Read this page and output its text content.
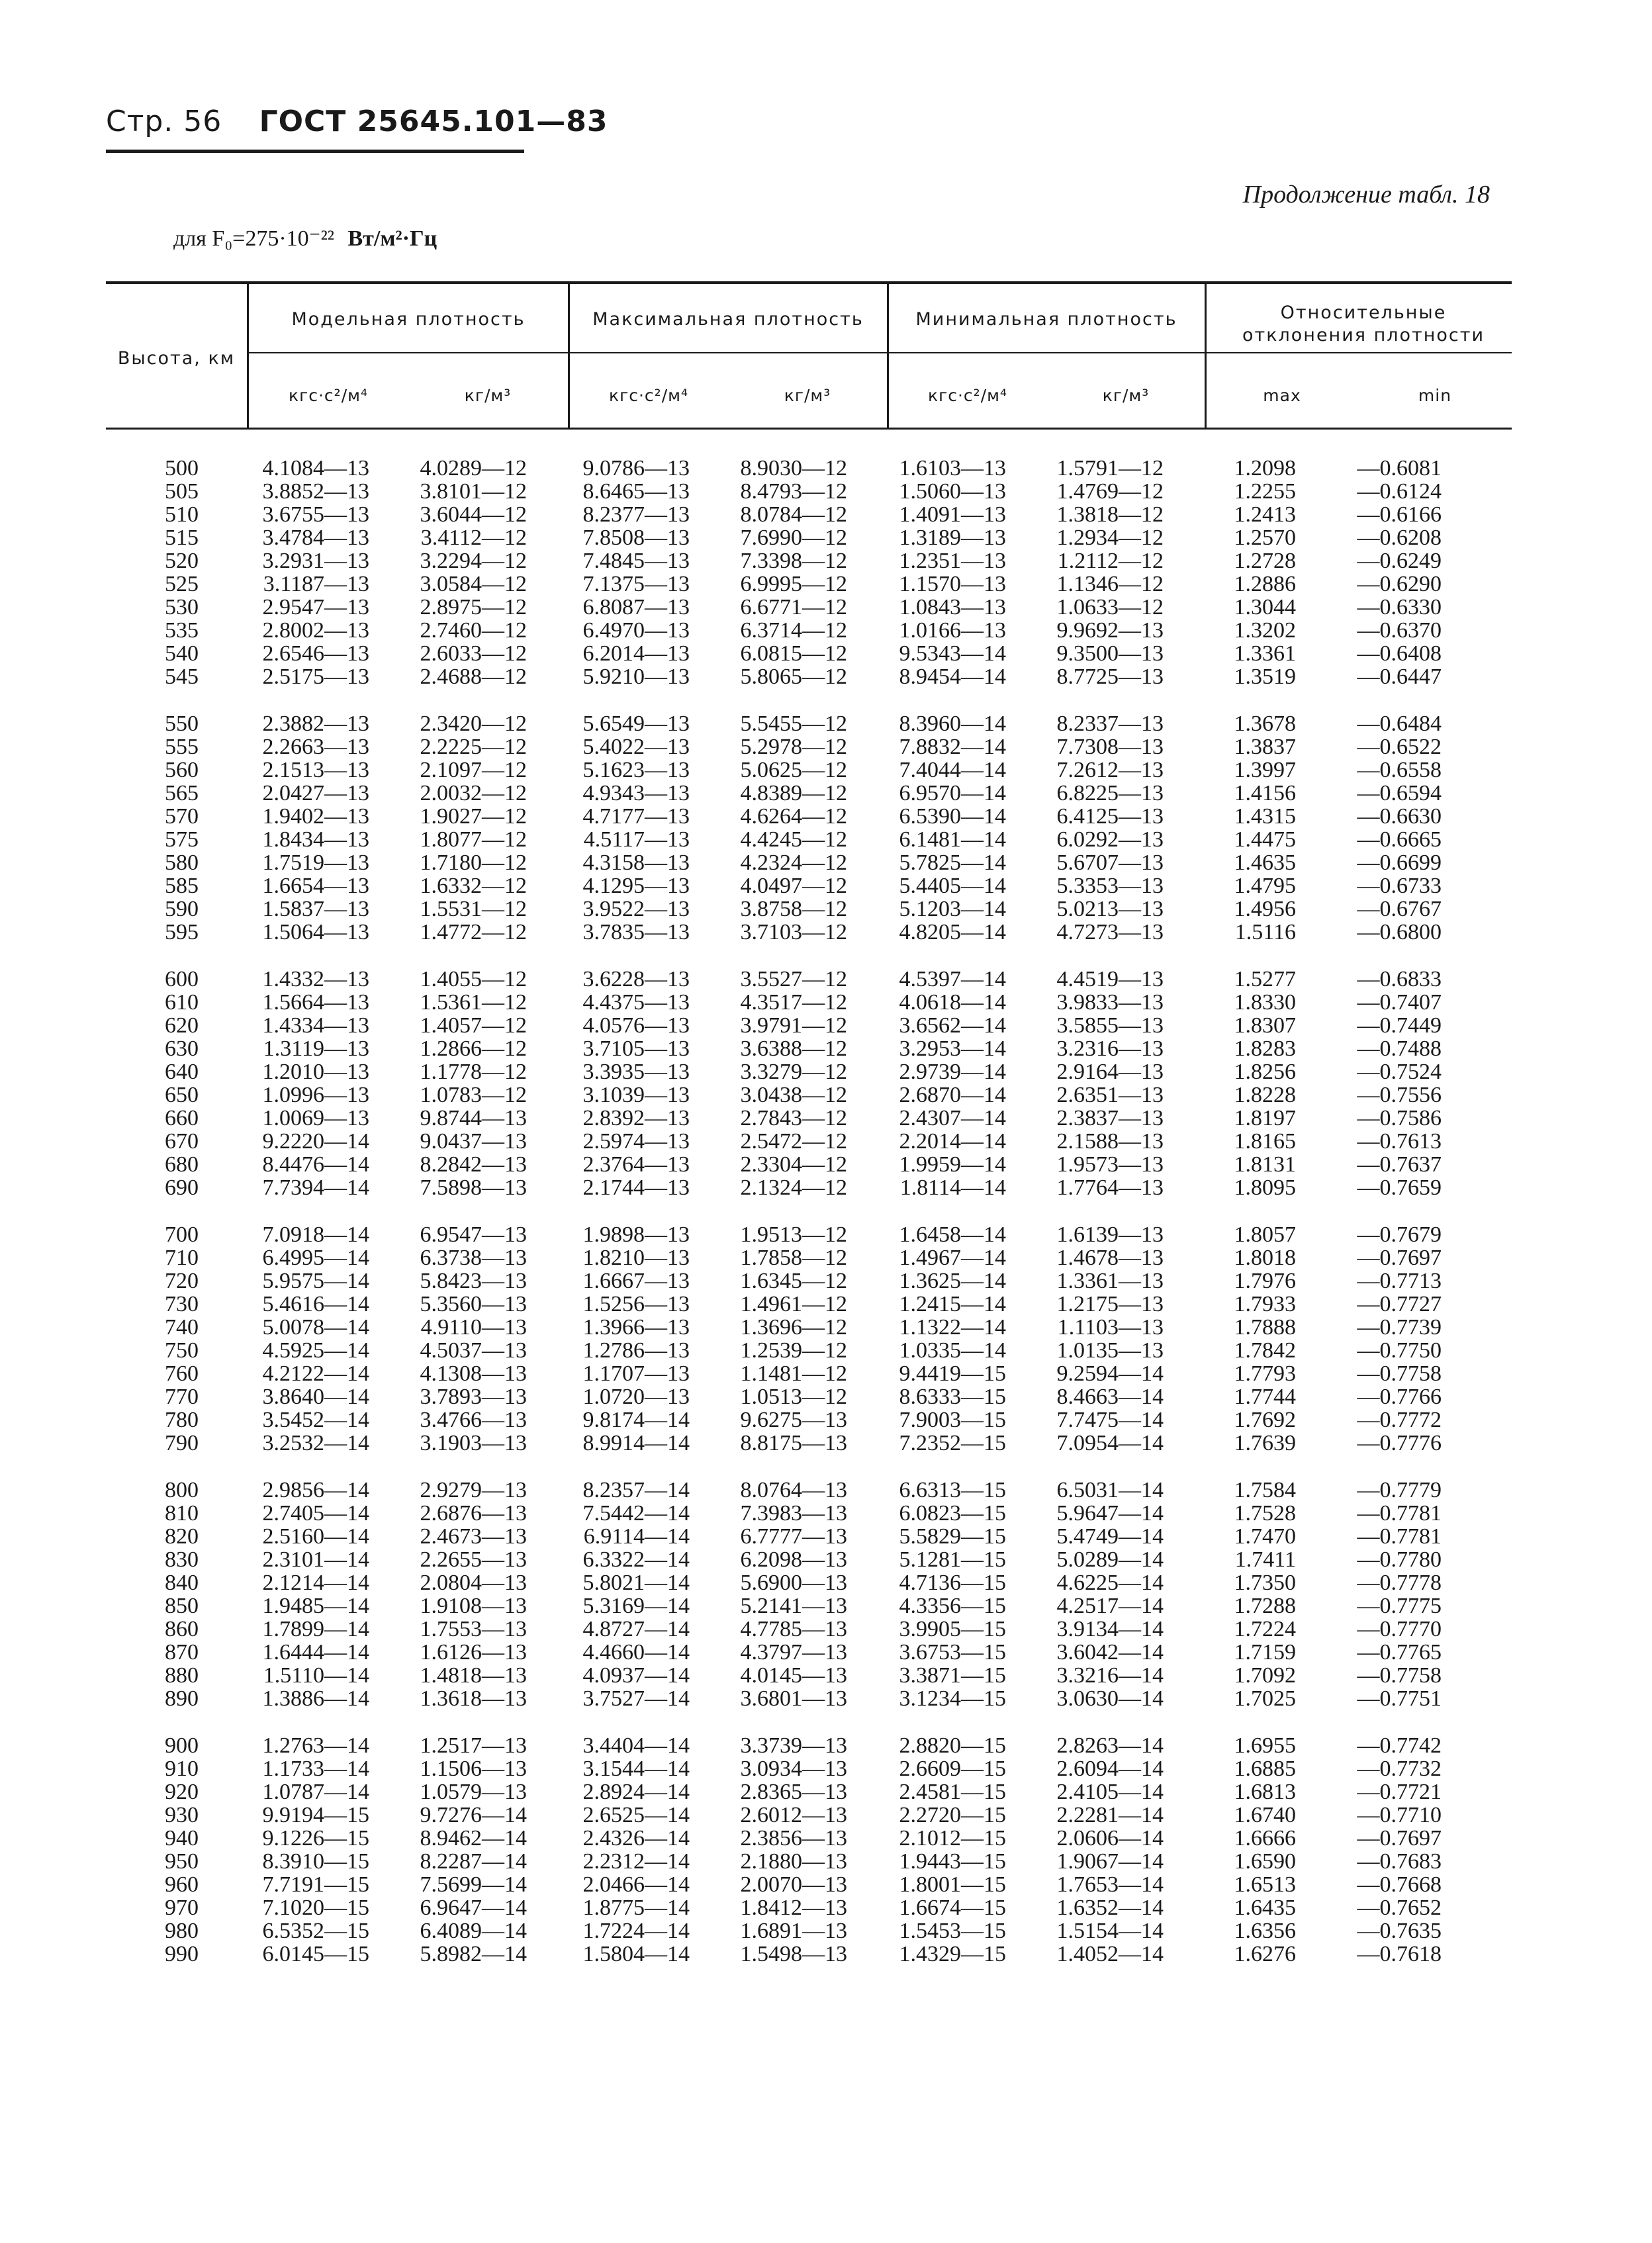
Стр. 56 ГОСТ 25645.101—83
Продолжение табл. 18
для F₀=275·10⁻²² Вт/м²·Гц
Высота, км
Модельная плотность	Максимальная плотность	Минимальная плотность	Относительные отклонения плотности
кгс·с²/м⁴	кг/м³	кгс·с²/м⁴	кг/м³	кгс·с²/м⁴	кг/м³	max	min
500	4.1084—13	4.0289—12	9.0786—13	8.9030—12	1.6103—13	1.5791—12	1.2098	—0.6081
505	3.8852—13	3.8101—12	8.6465—13	8.4793—12	1.5060—13	1.4769—12	1.2255	—0.6124
510	3.6755—13	3.6044—12	8.2377—13	8.0784—12	1.4091—13	1.3818—12	1.2413	—0.6166
515	3.4784—13	3.4112—12	7.8508—13	7.6990—12	1.3189—13	1.2934—12	1.2570	—0.6208
520	3.2931—13	3.2294—12	7.4845—13	7.3398—12	1.2351—13	1.2112—12	1.2728	—0.6249
525	3.1187—13	3.0584—12	7.1375—13	6.9995—12	1.1570—13	1.1346—12	1.2886	—0.6290
530	2.9547—13	2.8975—12	6.8087—13	6.6771—12	1.0843—13	1.0633—12	1.3044	—0.6330
535	2.8002—13	2.7460—12	6.4970—13	6.3714—12	1.0166—13	9.9692—13	1.3202	—0.6370
540	2.6546—13	2.6033—12	6.2014—13	6.0815—12	9.5343—14	9.3500—13	1.3361	—0.6408
545	2.5175—13	2.4688—12	5.9210—13	5.8065—12	8.9454—14	8.7725—13	1.3519	—0.6447
550	2.3882—13	2.3420—12	5.6549—13	5.5455—12	8.3960—14	8.2337—13	1.3678	—0.6484
555	2.2663—13	2.2225—12	5.4022—13	5.2978—12	7.8832—14	7.7308—13	1.3837	—0.6522
560	2.1513—13	2.1097—12	5.1623—13	5.0625—12	7.4044—14	7.2612—13	1.3997	—0.6558
565	2.0427—13	2.0032—12	4.9343—13	4.8389—12	6.9570—14	6.8225—13	1.4156	—0.6594
570	1.9402—13	1.9027—12	4.7177—13	4.6264—12	6.5390—14	6.4125—13	1.4315	—0.6630
575	1.8434—13	1.8077—12	4.5117—13	4.4245—12	6.1481—14	6.0292—13	1.4475	—0.6665
580	1.7519—13	1.7180—12	4.3158—13	4.2324—12	5.7825—14	5.6707—13	1.4635	—0.6699
585	1.6654—13	1.6332—12	4.1295—13	4.0497—12	5.4405—14	5.3353—13	1.4795	—0.6733
590	1.5837—13	1.5531—12	3.9522—13	3.8758—12	5.1203—14	5.0213—13	1.4956	—0.6767
595	1.5064—13	1.4772—12	3.7835—13	3.7103—12	4.8205—14	4.7273—13	1.5116	—0.6800
600	1.4332—13	1.4055—12	3.6228—13	3.5527—12	4.5397—14	4.4519—13	1.5277	—0.6833
610	1.5664—13	1.5361—12	4.4375—13	4.3517—12	4.0618—14	3.9833—13	1.8330	—0.7407
620	1.4334—13	1.4057—12	4.0576—13	3.9791—12	3.6562—14	3.5855—13	1.8307	—0.7449
630	1.3119—13	1.2866—12	3.7105—13	3.6388—12	3.2953—14	3.2316—13	1.8283	—0.7488
640	1.2010—13	1.1778—12	3.3935—13	3.3279—12	2.9739—14	2.9164—13	1.8256	—0.7524
650	1.0996—13	1.0783—12	3.1039—13	3.0438—12	2.6870—14	2.6351—13	1.8228	—0.7556
660	1.0069—13	9.8744—13	2.8392—13	2.7843—12	2.4307—14	2.3837—13	1.8197	—0.7586
670	9.2220—14	9.0437—13	2.5974—13	2.5472—12	2.2014—14	2.1588—13	1.8165	—0.7613
680	8.4476—14	8.2842—13	2.3764—13	2.3304—12	1.9959—14	1.9573—13	1.8131	—0.7637
690	7.7394—14	7.5898—13	2.1744—13	2.1324—12	1.8114—14	1.7764—13	1.8095	—0.7659
700	7.0918—14	6.9547—13	1.9898—13	1.9513—12	1.6458—14	1.6139—13	1.8057	—0.7679
710	6.4995—14	6.3738—13	1.8210—13	1.7858—12	1.4967—14	1.4678—13	1.8018	—0.7697
720	5.9575—14	5.8423—13	1.6667—13	1.6345—12	1.3625—14	1.3361—13	1.7976	—0.7713
730	5.4616—14	5.3560—13	1.5256—13	1.4961—12	1.2415—14	1.2175—13	1.7933	—0.7727
740	5.0078—14	4.9110—13	1.3966—13	1.3696—12	1.1322—14	1.1103—13	1.7888	—0.7739
750	4.5925—14	4.5037—13	1.2786—13	1.2539—12	1.0335—14	1.0135—13	1.7842	—0.7750
760	4.2122—14	4.1308—13	1.1707—13	1.1481—12	9.4419—15	9.2594—14	1.7793	—0.7758
770	3.8640—14	3.7893—13	1.0720—13	1.0513—12	8.6333—15	8.4663—14	1.7744	—0.7766
780	3.5452—14	3.4766—13	9.8174—14	9.6275—13	7.9003—15	7.7475—14	1.7692	—0.7772
790	3.2532—14	3.1903—13	8.9914—14	8.8175—13	7.2352—15	7.0954—14	1.7639	—0.7776
800	2.9856—14	2.9279—13	8.2357—14	8.0764—13	6.6313—15	6.5031—14	1.7584	—0.7779
810	2.7405—14	2.6876—13	7.5442—14	7.3983—13	6.0823—15	5.9647—14	1.7528	—0.7781
820	2.5160—14	2.4673—13	6.9114—14	6.7777—13	5.5829—15	5.4749—14	1.7470	—0.7781
830	2.3101—14	2.2655—13	6.3322—14	6.2098—13	5.1281—15	5.0289—14	1.7411	—0.7780
840	2.1214—14	2.0804—13	5.8021—14	5.6900—13	4.7136—15	4.6225—14	1.7350	—0.7778
850	1.9485—14	1.9108—13	5.3169—14	5.2141—13	4.3356—15	4.2517—14	1.7288	—0.7775
860	1.7899—14	1.7553—13	4.8727—14	4.7785—13	3.9905—15	3.9134—14	1.7224	—0.7770
870	1.6444—14	1.6126—13	4.4660—14	4.3797—13	3.6753—15	3.6042—14	1.7159	—0.7765
880	1.5110—14	1.4818—13	4.0937—14	4.0145—13	3.3871—15	3.3216—14	1.7092	—0.7758
890	1.3886—14	1.3618—13	3.7527—14	3.6801—13	3.1234—15	3.0630—14	1.7025	—0.7751
900	1.2763—14	1.2517—13	3.4404—14	3.3739—13	2.8820—15	2.8263—14	1.6955	—0.7742
910	1.1733—14	1.1506—13	3.1544—14	3.0934—13	2.6609—15	2.6094—14	1.6885	—0.7732
920	1.0787—14	1.0579—13	2.8924—14	2.8365—13	2.4581—15	2.4105—14	1.6813	—0.7721
930	9.9194—15	9.7276—14	2.6525—14	2.6012—13	2.2720—15	2.2281—14	1.6740	—0.7710
940	9.1226—15	8.9462—14	2.4326—14	2.3856—13	2.1012—15	2.0606—14	1.6666	—0.7697
950	8.3910—15	8.2287—14	2.2312—14	2.1880—13	1.9443—15	1.9067—14	1.6590	—0.7683
960	7.7191—15	7.5699—14	2.0466—14	2.0070—13	1.8001—15	1.7653—14	1.6513	—0.7668
970	7.1020—15	6.9647—14	1.8775—14	1.8412—13	1.6674—15	1.6352—14	1.6435	—0.7652
980	6.5352—15	6.4089—14	1.7224—14	1.6891—13	1.5453—15	1.5154—14	1.6356	—0.7635
990	6.0145—15	5.8982—14	1.5804—14	1.5498—13	1.4329—15	1.4052—14	1.6276	—0.7618
